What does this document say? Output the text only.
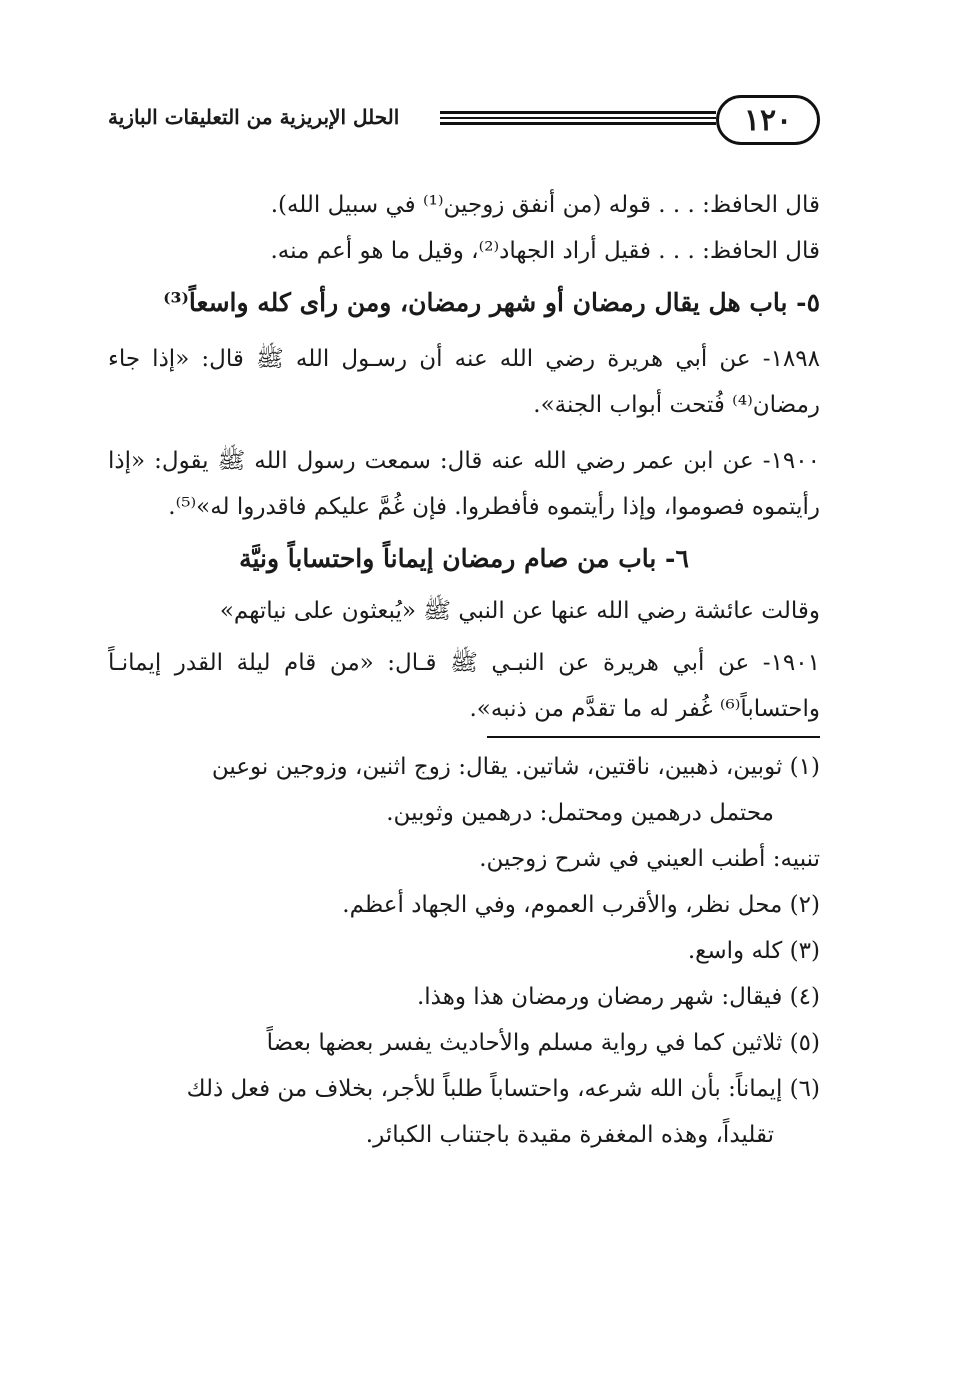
١٢٠
الحلل الإبريزية من التعليقات البازية

قال الحافظ: . . . قوله (من أنفق زوجين⁽¹⁾ في سبيل الله).

قال الحافظ: . . . فقيل أراد الجهاد⁽²⁾، وقيل ما هو أعم منه.

٥- باب هل يقال رمضان أو شهر رمضان، ومن رأى كله واسعاً⁽³⁾

١٨٩٨- عن أبي هريرة رضي الله عنه أن رسـول الله ﷺ قال: «إذا جاء رمضان⁽⁴⁾ فُتحت أبواب الجنة».

١٩٠٠- عن ابن عمر رضي الله عنه قال: سمعت رسول الله ﷺ يقول: «إذا رأيتموه فصوموا، وإذا رأيتموه فأفطروا. فإن غُمَّ عليكم فاقدروا له»⁽⁵⁾.

٦- باب من صام رمضان إيماناً واحتساباً ونيَّة

وقالت عائشة رضي الله عنها عن النبي ﷺ «يُبعثون على نياتهم»

١٩٠١- عن أبي هريرة عن النبـي ﷺ قـال: «من قام ليلة القدر إيمانـاً واحتساباً⁽⁶⁾ غُفر له ما تقدَّم من ذنبه».

(١) ثوبين، ذهبين، ناقتين، شاتين. يقال: زوج اثنين، وزوجين نوعين

محتمل درهمين ومحتمل: درهمين وثوبين.

تنبيه: أطنب العيني في شرح زوجين.

(٢) محل نظر، والأقرب العموم، وفي الجهاد أعظم.

(٣) كله واسع.

(٤) فيقال: شهر رمضان ورمضان هذا وهذا.

(٥) ثلاثين كما في رواية مسلم والأحاديث يفسر بعضها بعضاً

(٦) إيماناً: بأن الله شرعه، واحتساباً طلباً للأجر، بخلاف من فعل ذلك

تقليداً، وهذه المغفرة مقيدة باجتناب الكبائر.
